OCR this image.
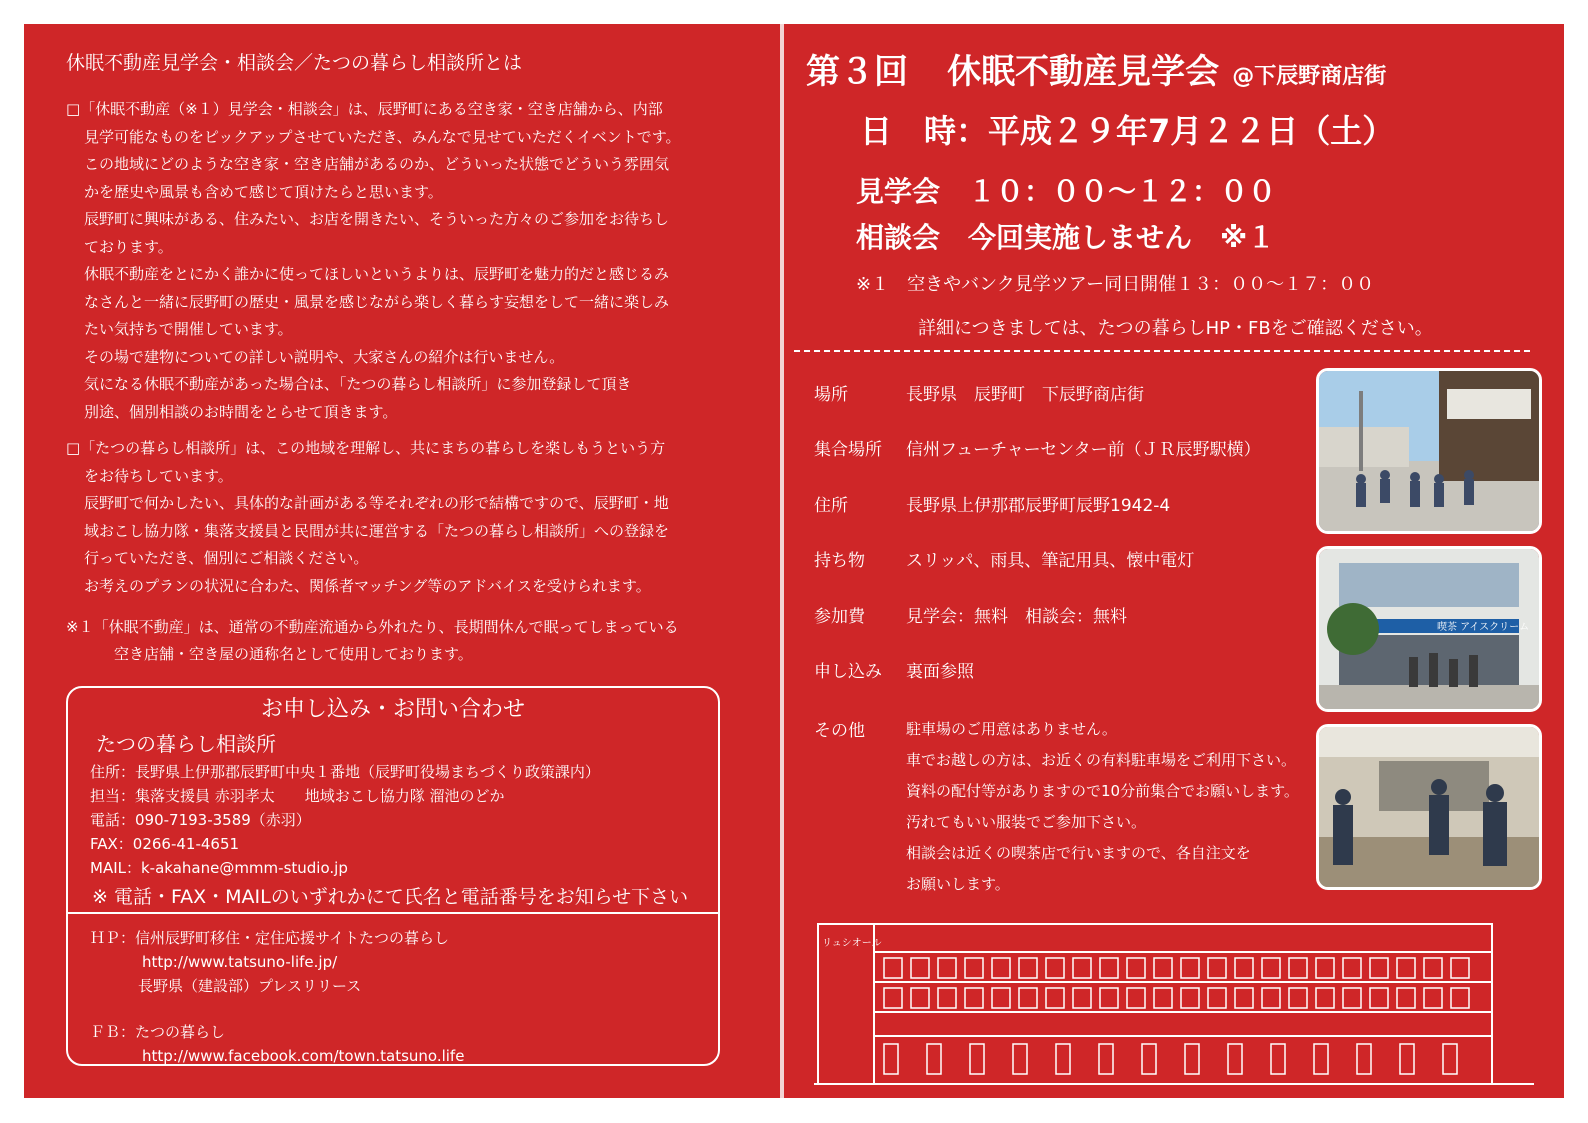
休眠不動産見学会・相談会／たつの暮らし相談所とは

□「休眠不動産（※１）見学会・相談会」は、辰野町にある空き家・空き店舗から、内部

見学可能なものをピックアップさせていただき、みんなで見せていただくイベントです。

この地域にどのような空き家・空き店舗があるのか、どういった状態でどういう雰囲気

かを歴史や風景も含めて感じて頂けたらと思います。

辰野町に興味がある、住みたい、お店を開きたい、そういった方々のご参加をお待ちし

ております。

休眠不動産をとにかく誰かに使ってほしいというよりは、辰野町を魅力的だと感じるみ

なさんと一緒に辰野町の歴史・風景を感じながら楽しく暮らす妄想をして一緒に楽しみ

たい気持ちで開催しています。

その場で建物についての詳しい説明や、大家さんの紹介は行いません。

気になる休眠不動産があった場合は、「たつの暮らし相談所」に参加登録して頂き

別途、個別相談のお時間をとらせて頂きます。

□「たつの暮らし相談所」は、この地域を理解し、共にまちの暮らしを楽しもうという方

をお待ちしています。

辰野町で何かしたい、具体的な計画がある等それぞれの形で結構ですので、辰野町・地

域おこし協力隊・集落支援員と民間が共に運営する「たつの暮らし相談所」への登録を

行っていただき、個別にご相談ください。

お考えのプランの状況に合わた、関係者マッチング等のアドバイスを受けられます。

※１「休眠不動産」は、通常の不動産流通から外れたり、長期間休んで眠ってしまっている
空き店舗・空き屋の通称名として使用しております。
お申し込み・お問い合わせ
たつの暮らし相談所
住所：長野県上伊那郡辰野町中央１番地（辰野町役場まちづくり政策課内）
担当：集落支援員 赤羽孝太　　地域おこし協力隊 溜池のどか
電話：090-7193-3589（赤羽）
FAX：0266-41-4651
MAIL：k-akahane@mmm-studio.jp
※ 電話・FAX・MAILのいずれかにて氏名と電話番号をお知らせ下さい
ＨＰ：信州辰野町移住・定住応援サイトたつの暮らし
http://www.tatsuno-life.jp/
長野県（建設部）プレスリリース
ＦＢ：たつの暮らし
http://www.facebook.com/town.tatsuno.life
第３回 休眠不動産見学会 @下辰野商店街
日　時：平成２９年7月２２日（土）
見学会　１０：００～１２：００
相談会　今回実施しません　※１
※１　空きやバンク見学ツアー同日開催１３：００～１７：００
詳細につきましては、たつの暮らしHP・FBをご確認ください。
場所	長野県　辰野町　下辰野商店街
集合場所	信州フューチャーセンター前（ＪＲ辰野駅横）
住所	長野県上伊那郡辰野町辰野1942-4
持ち物	スリッパ、雨具、筆記用具、懐中電灯
参加費	見学会：無料　相談会：無料
申し込み	裏面参照
その他	駐車場のご用意はありません。

車でお越しの方は、お近くの有料駐車場をご利用下さい。

資料の配付等がありますので10分前集合でお願いします。

汚れてもいい服装でご参加下さい。

相談会は近くの喫茶店で行いますので、各自注文を

お願いします。

喫茶 アイスクリーム
リュシオール
